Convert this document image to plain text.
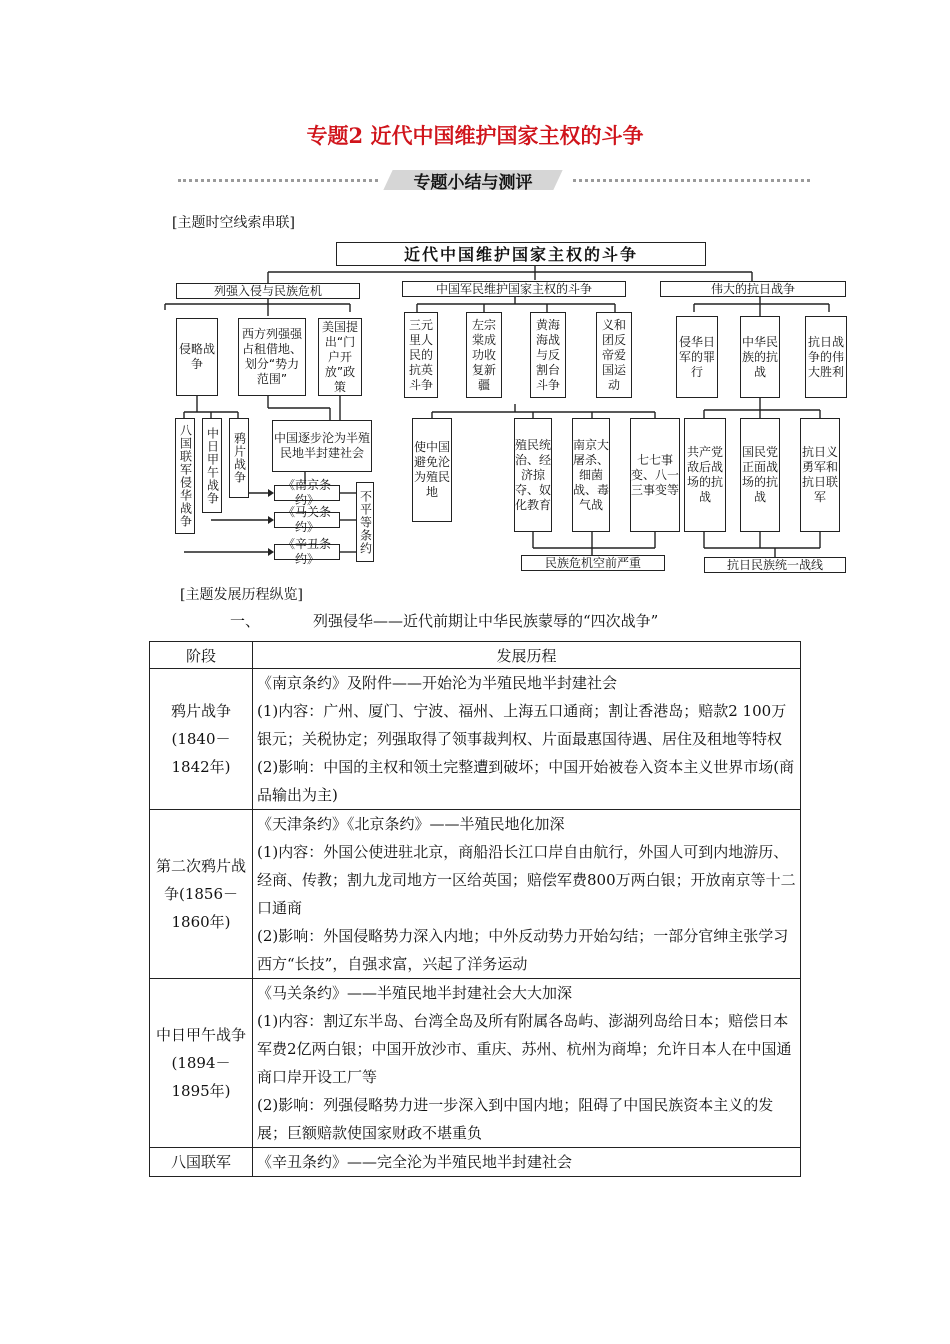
专题2 近代中国维护国家主权的斗争
专题小结与测评
[主题时空线索串联]
近代中国维护国家主权的斗争
列强入侵与民族危机	中国军民维护国家主权的斗争	伟大的抗日战争
侵略战争
西方列强强占租借地、划分“势力范围”
美国提出“门户开放”政策
八国联军侵华战争 中日甲午战争 鸦片战争 中国逐步沦为半殖民地半封建社会
《南京条约》
《马关条约》
《辛丑条约》
不平等条约
三元里人民的抗英斗争
左宗棠成功收复新疆
黄海海战与反割台斗争
义和团反帝爱国运动
使中国避免沦为殖民地
殖民统治、经济掠夺、奴化教育
南京大屠杀、细菌战、毒气战
七七事变、八一三事变等
民族危机空前严重
侵华日军的罪行
中华民族的抗战
抗日战争的伟大胜利
共产党敌后战场的抗战
国民党正面战场的抗战
抗日义勇军和抗日联军
抗日民族统一战线
[主题发展历程纵览]
一、	列强侵华——近代前期让中华民族蒙辱的“四次战争”
阶段	发展历程
鸦片战争(1840－1842年)	《南京条约》及附件——开始沦为半殖民地半封建社会

(1)内容：广州、厦门、宁波、福州、上海五口通商；割让香港岛；赔款2 100万银元；关税协定；列强取得了领事裁判权、片面最惠国待遇、居住及租地等特权

(2)影响：中国的主权和领土完整遭到破坏；中国开始被卷入资本主义世界市场(商品输出为主)

第二次鸦片战争(1856－1860年)	《天津条约》《北京条约》——半殖民地化加深

(1)内容：外国公使进驻北京，商船沿长江口岸自由航行，外国人可到内地游历、经商、传教；割九龙司地方一区给英国；赔偿军费800万两白银；开放南京等十二口通商

(2)影响：外国侵略势力深入内地；中外反动势力开始勾结；一部分官绅主张学习西方“长技”，自强求富，兴起了洋务运动

中日甲午战争(1894－1895年)	《马关条约》——半殖民地半封建社会大大加深

(1)内容：割辽东半岛、台湾全岛及所有附属各岛屿、澎湖列岛给日本；赔偿日本军费2亿两白银；中国开放沙市、重庆、苏州、杭州为商埠；允许日本人在中国通商口岸开设工厂等

(2)影响：列强侵略势力进一步深入到中国内地；阻碍了中国民族资本主义的发展；巨额赔款使国家财政不堪重负

八国联军	《辛丑条约》——完全沦为半殖民地半封建社会
